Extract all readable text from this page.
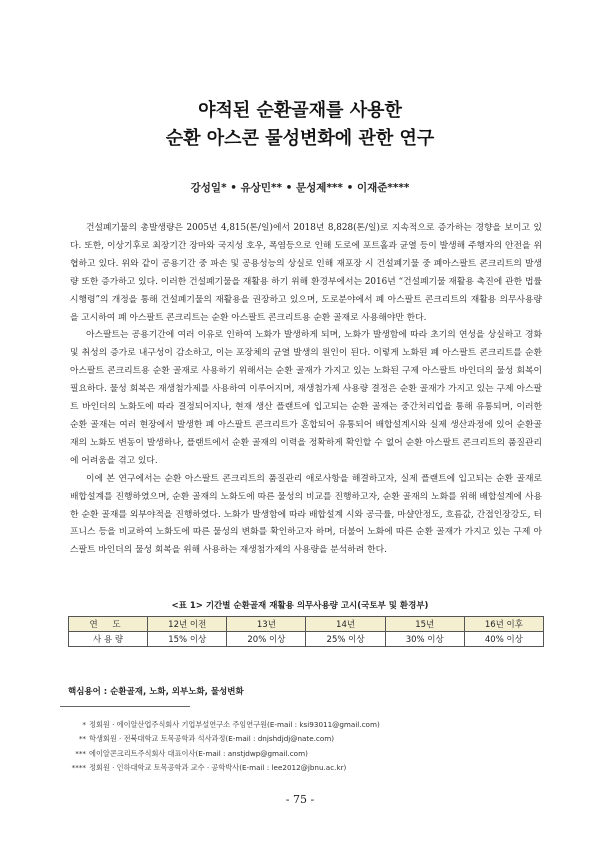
야적된 순환골재를 사용한
순환 아스콘 물성변화에 관한 연구
강성일* • 유상민** • 문성제*** • 이재준****

건설폐기물의 총발생량은 2005년 4,815(톤/일)에서 2018년 8,828(톤/일)로 지속적으로 증가하는 경향을 보이고 있다. 또한, 이상기후로 최장기간 장마와 국지성 호우, 폭염등으로 인해 도로에 포트홀과 균열 등이 발생해 주행자의 안전을 위협하고 있다. 위와 같이 공용기간 중 파손 및 공용성능의 상실로 인해 재포장 시 건설폐기물 중 폐아스팔트 콘크리트의 발생량 또한 증가하고 있다. 이러한 건설폐기물을 재활용 하기 위해 환경부에서는 2016년 “건설폐기물 재활용 촉진에 관한 법률 시행령”의 개정을 통해 건설폐기물의 재활용을 권장하고 있으며, 도로분야에서 폐 아스팔트 콘크리트의 재활용 의무사용량을 고시하여 폐 아스팔트 콘크리트는 순환 아스팔트 콘크리트용 순환 골재로 사용해야만 한다.

아스팔트는 공용기간에 여러 이유로 인하여 노화가 발생하게 되며, 노화가 발생함에 따라 초기의 연성을 상실하고 경화 및 취성의 증가로 내구성이 감소하고, 이는 포장체의 균열 발생의 원인이 된다. 이렇게 노화된 폐 아스팔트 콘크리트를 순환 아스팔트 콘크리트용 순환 골재로 사용하기 위해서는 순환 골재가 가지고 있는 노화된 구제 아스팔트 바인더의 물성 회복이 필요하다. 물성 회복은 재생첨가제를 사용하여 이루어지며, 재생첨가제 사용량 결정은 순환 골재가 가지고 있는 구제 아스팔트 바인더의 노화도에 따라 결정되어지나, 현재 생산 플랜트에 입고되는 순환 골재는 중간처리업을 통해 유통되며, 이러한 순환 골재는 여러 현장에서 발생한 폐 아스팔트 콘크리트가 혼합되어 유통되어 배합설계시와 실제 생산과정에 있어 순환골재의 노화도 변동이 발생하나, 플랜트에서 순환 골재의 이력을 정확하게 확인할 수 없어 순환 아스팔트 콘크리트의 품질관리에 어려움을 겪고 있다.

이에 본 연구에서는 순환 아스팔트 콘크리트의 품질관리 애로사항을 해결하고자, 실제 플랜트에 입고되는 순환 골재로 배합설계를 진행하였으며, 순환 골재의 노화도에 따른 물성의 비교를 진행하고자, 순환 골재의 노화를 위해 배합설계에 사용한 순환 골재를 외부야적을 진행하였다. 노화가 발생함에 따라 배합설계 시와 공극률, 마샬안정도, 흐름값, 간접인장강도, 터프니스 등을 비교하여 노화도에 따른 물성의 변화를 확인하고자 하며, 더불어 노화에 따른 순환 골재가 가지고 있는 구제 아스팔트 바인더의 물성 회복을 위해 사용하는 재생첨가제의 사용량을 분석하려 한다.

<표 1> 기간별 순환골재 재활용 의무사용량 고시(국토부 및 환경부)
연 도	12년 이전	13년	14년	15년	16년 이후
사 용 량	15% 이상	20% 이상	25% 이상	30% 이상	40% 이상
핵심용어 : 순환골재, 노화, 외부노화, 물성변화
* 정회원 · 에이알산업주식회사 기업부설연구소 주임연구원(E-mail : ksi93011@gmail.com)
** 학생회원 · 전북대학교 토목공학과 석사과정(E-mail : dnjshdjdj@nate.com)
*** 에이알콘크리트주식회사 대표이사(E-mail : anstjdwp@gmail.com)
**** 정회원 · 인하대학교 토목공학과 교수 · 공학박사(E-mail : lee2012@jbnu.ac.kr)
- 75 -
